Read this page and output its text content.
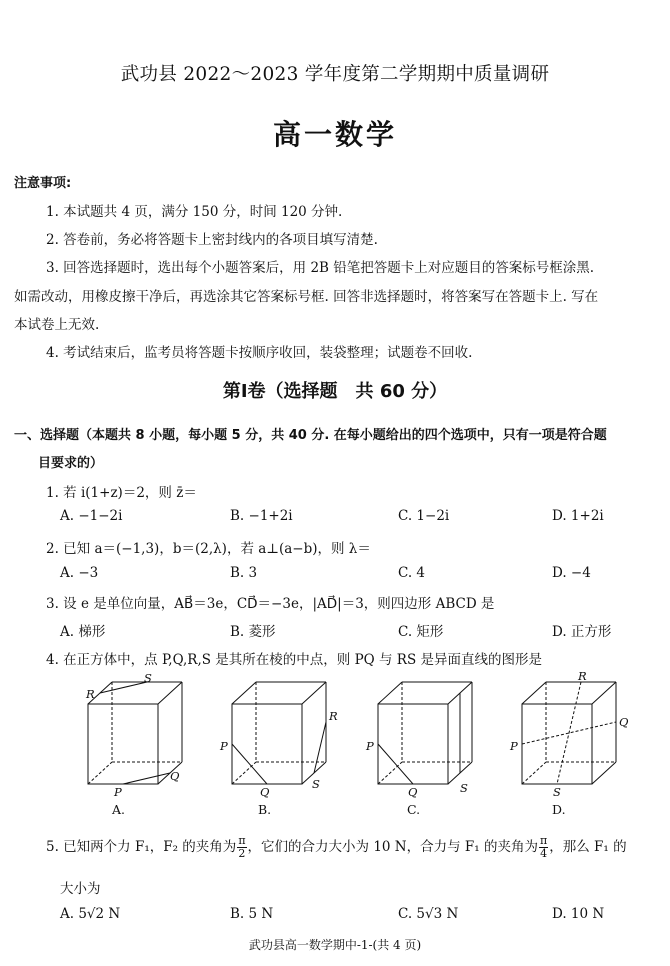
武功县 2022～2023 学年度第二学期期中质量调研
高一数学
注意事项:
1. 本试题共 4 页，满分 150 分，时间 120 分钟.
2. 答卷前，务必将答题卡上密封线内的各项目填写清楚.
3. 回答选择题时，选出每个小题答案后，用 2B 铅笔把答题卡上对应题目的答案标号框涂黑.
如需改动，用橡皮擦干净后，再选涂其它答案标号框. 回答非选择题时，将答案写在答题卡上. 写在
本试卷上无效.
4. 考试结束后，监考员将答题卡按顺序收回，装袋整理；试题卷不回收.
第Ⅰ卷（选择题　共 60 分）
一、选择题（本题共 8 小题，每小题 5 分，共 40 分. 在每小题给出的四个选项中，只有一项是符合题
目要求的）
1. 若 i(1+z)＝2，则 z̄＝
A. −1−2i	B. −1+2i	C. 1−2i	D. 1+2i
2. 已知 a＝(−1,3)，b＝(2,λ)，若 a⊥(a−b)，则 λ＝
A. −3	B. 3	C. 4	D. −4
3. 设 e 是单位向量，AB⃗＝3e，CD⃗＝−3e，|AD⃗|＝3，则四边形 ABCD 是
A. 梯形	B. 菱形	C. 矩形	D. 正方形
4. 在正方体中，点 P,Q,R,S 是其所在棱的中点，则 PQ 与 RS 是异面直线的图形是
R
S
P
Q
P
Q
R
S
P
Q	S
P
Q
R
S
A.	B.	C.	D.
5. 已知两个力 F₁，F₂ 的夹角为 $\frac{\pi}{2}$ ，它们的合力大小为 10 N，合力与 F₁ 的夹角为 $\frac{\pi}{4}$ ，那么 F₁ 的
大小为
A. 5√2 N	B. 5 N	C. 5√3 N	D. 10 N
武功县高一数学期中-1-(共 4 页)
